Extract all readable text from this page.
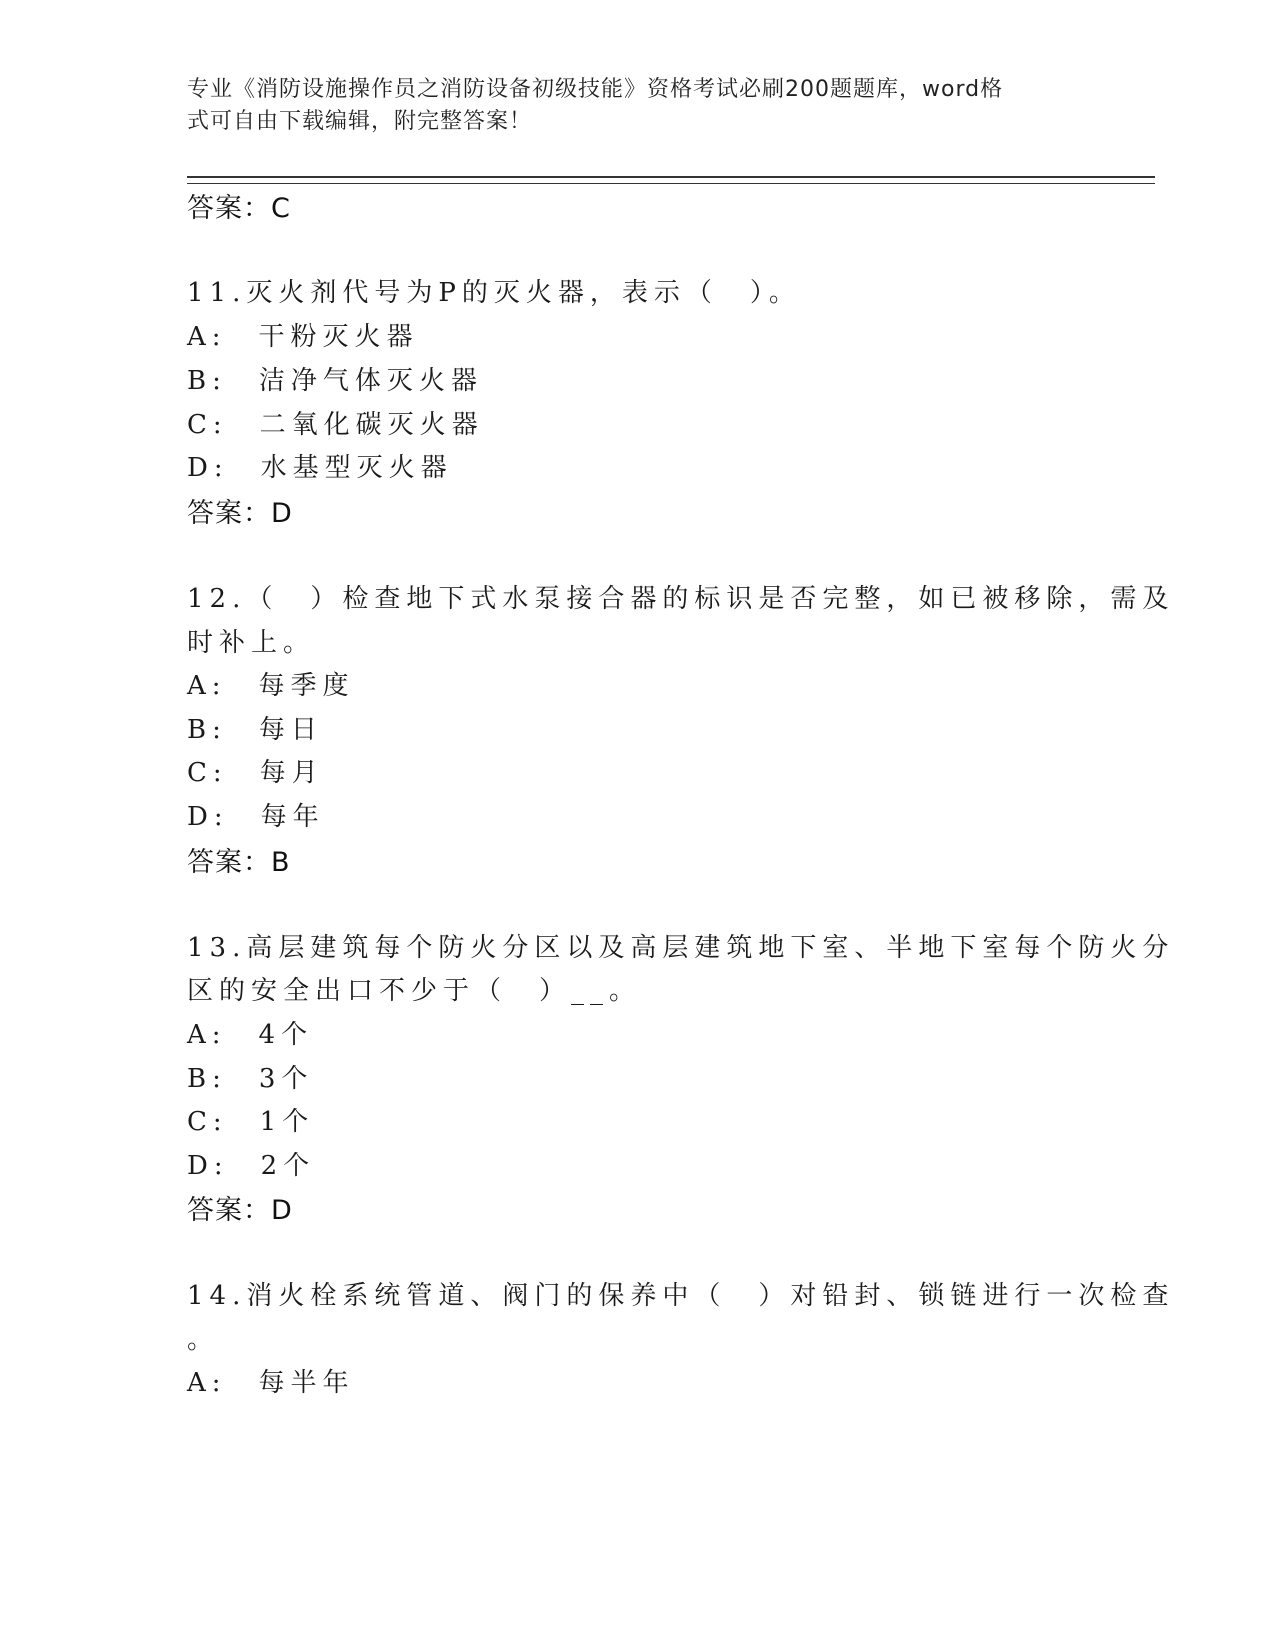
专业《消防设施操作员之消防设备初级技能》资格考试必刷200题题库，word格
式可自由下载编辑，附完整答案！
答案：C
11.灭火剂代号为P的灭火器，表示（　）。
A:　干粉灭火器
B:　洁净气体灭火器
C:　二氧化碳灭火器
D:　水基型灭火器
答案：D
12.（　）检查地下式水泵接合器的标识是否完整，如已被移除，需及
时补上。
A:　每季度
B:　每日
C:　每月
D:　每年
答案：B
13.高层建筑每个防火分区以及高层建筑地下室、半地下室每个防火分
区的安全出口不少于（　）__。
A:　4个
B:　3个
C:　1个
D:　2个
答案：D
14.消火栓系统管道、阀门的保养中（　）对铅封、锁链进行一次检查
。
A:　每半年
